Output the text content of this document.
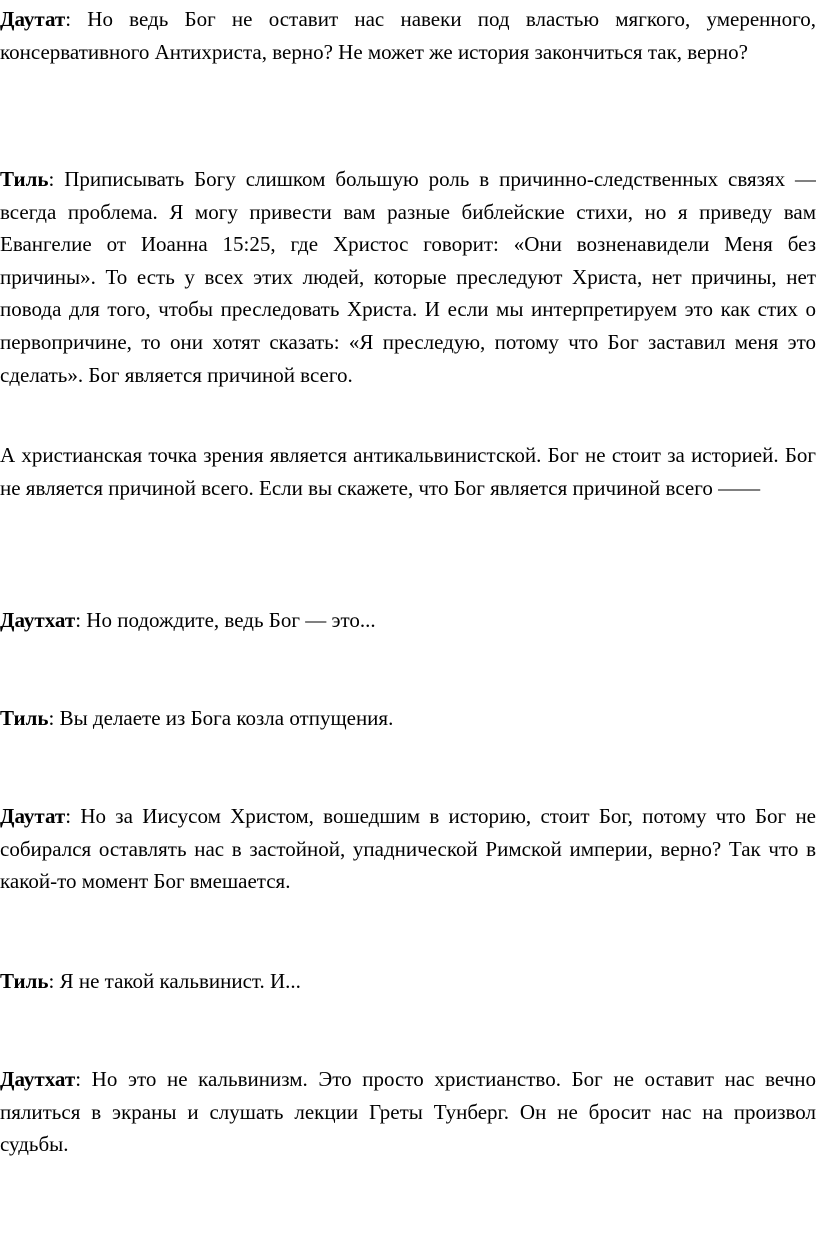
Даутат: Но ведь Бог не оставит нас навеки под властью мягкого, умеренного, консервативного Антихриста, верно? Не может же история закончиться так, верно?

Тиль: Приписывать Богу слишком большую роль в причинно-следственных связях — всегда проблема. Я могу привести вам разные библейские стихи, но я приведу вам Евангелие от Иоанна 15:25, где Христос говорит: «Они возненавидели Меня без причины». То есть у всех этих людей, которые преследуют Христа, нет причины, нет повода для того, чтобы преследовать Христа. И если мы интерпретируем это как стих о первопричине, то они хотят сказать: «Я преследую, потому что Бог заставил меня это сделать». Бог является причиной всего.

А христианская точка зрения является антикальвинистской. Бог не стоит за историей. Бог не является причиной всего. Если вы скажете, что Бог является причиной всего ——

Даутхат: Но подождите, ведь Бог — это...

Тиль: Вы делаете из Бога козла отпущения.

Даутат: Но за Иисусом Христом, вошедшим в историю, стоит Бог, потому что Бог не собирался оставлять нас в застойной, упаднической Римской империи, верно? Так что в какой-то момент Бог вмешается.

Тиль: Я не такой кальвинист. И...

Даутхат: Но это не кальвинизм. Это просто христианство. Бог не оставит нас вечно пялиться в экраны и слушать лекции Греты Тунберг. Он не бросит нас на произвол судьбы.
